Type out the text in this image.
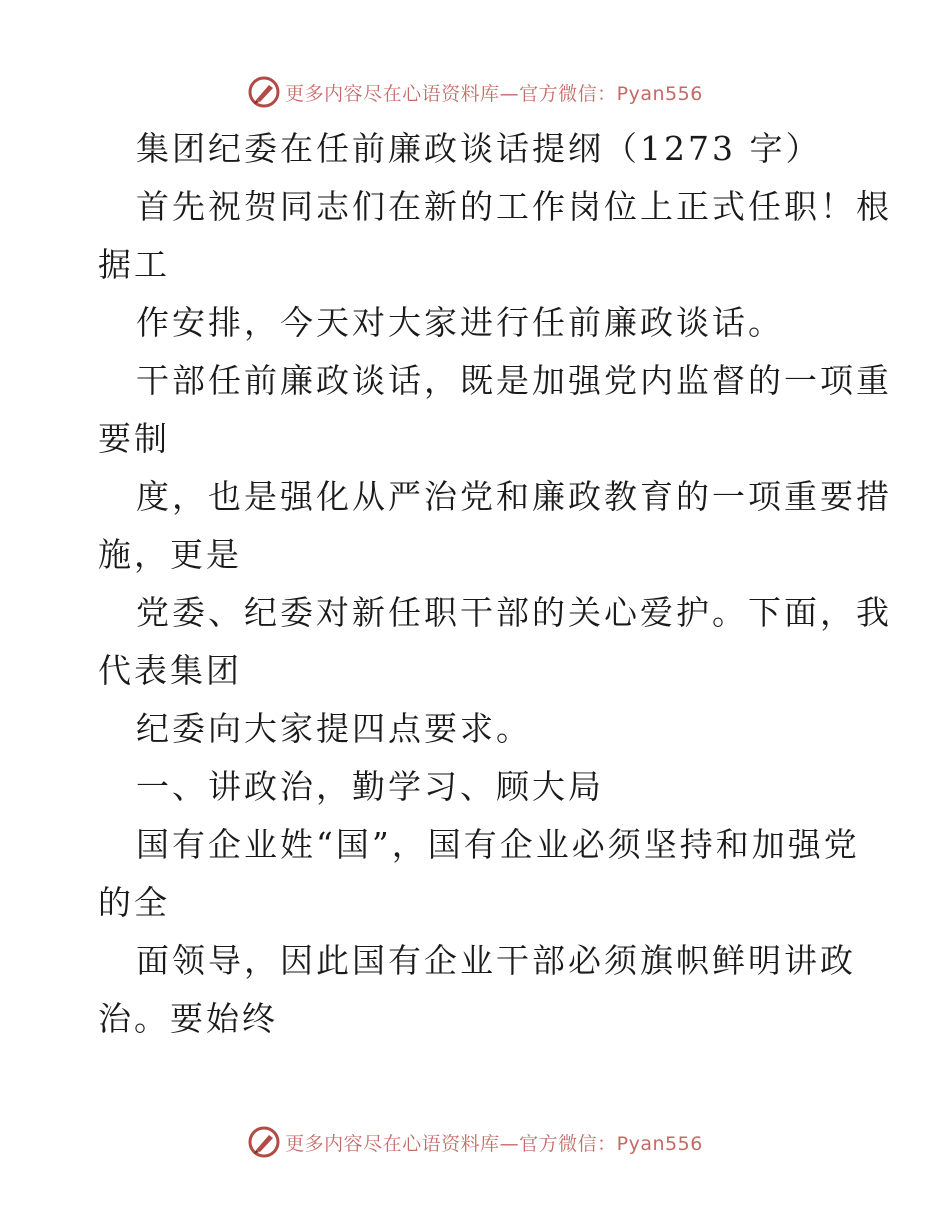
更多内容尽在心语资料库—官方微信：Pyan556
集团纪委在任前廉政谈话提纲（1273 字）
首先祝贺同志们在新的工作岗位上正式任职！根
据工
作安排，今天对大家进行任前廉政谈话。
干部任前廉政谈话，既是加强党内监督的一项重
要制
度，也是强化从严治党和廉政教育的一项重要措
施，更是
党委、纪委对新任职干部的关心爱护。下面，我
代表集团
纪委向大家提四点要求。
一、讲政治，勤学习、顾大局
国有企业姓“国”，国有企业必须坚持和加强党
的全
面领导，因此国有企业干部必须旗帜鲜明讲政
治。要始终
更多内容尽在心语资料库—官方微信：Pyan556
